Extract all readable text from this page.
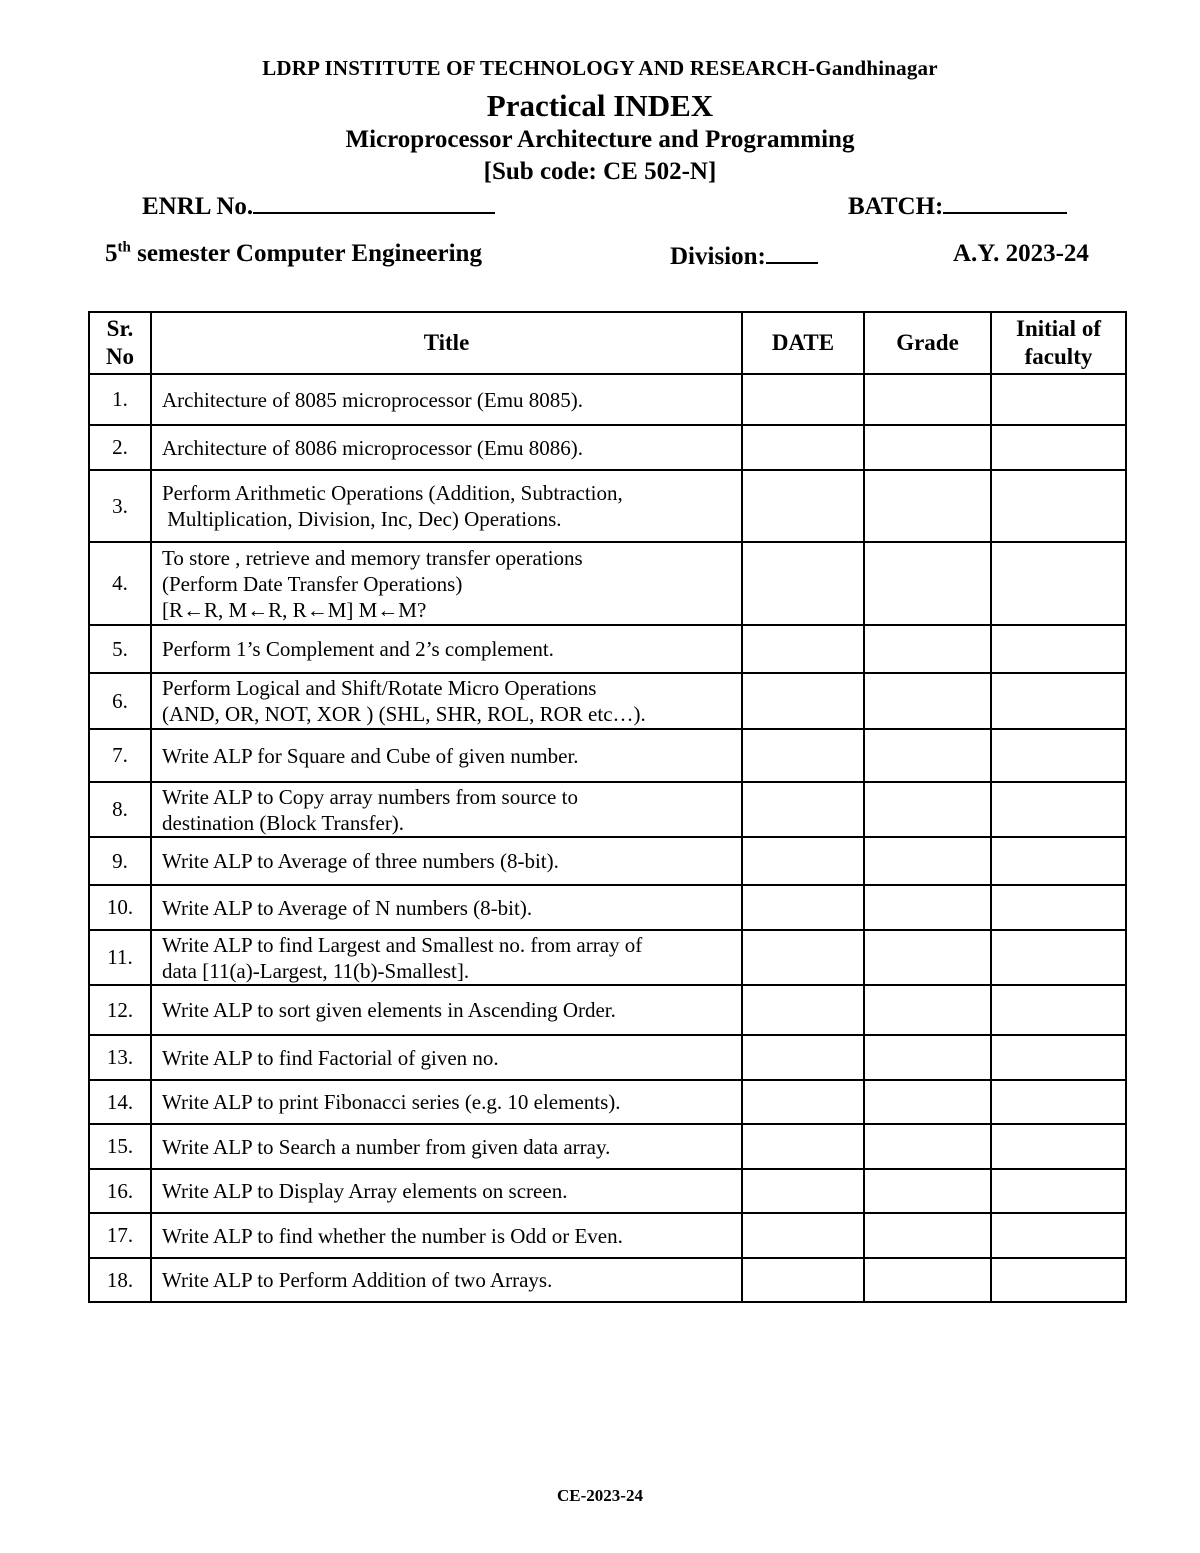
LDRP INSTITUTE OF TECHNOLOGY AND RESEARCH-Gandhinagar
Practical INDEX
Microprocessor Architecture and Programming
[Sub code: CE 502-N]
ENRL No.	BATCH:
5th semester Computer Engineering	Division:	A.Y. 2023-24
Sr.
No	Title	DATE	Grade	Initial of
faculty

1.	Architecture of 8085 microprocessor (Emu 8085).			

2.	Architecture of 8086 microprocessor (Emu 8086).			

3.	Perform Arithmetic Operations (Addition, Subtraction,
Multiplication, Division, Inc, Dec) Operations.			

4.	To store , retrieve and memory transfer operations
(Perform Date Transfer Operations)
[R←R, M←R, R←M] M←M?			

5.	Perform 1’s Complement and 2’s complement.			

6.	Perform Logical and Shift/Rotate Micro Operations
(AND, OR, NOT, XOR ) (SHL, SHR, ROL, ROR etc…).			

7.	Write ALP for Square and Cube of given number.			

8.	Write ALP to Copy array numbers from source to
destination (Block Transfer).			

9.	Write ALP to Average of three numbers (8-bit).			

10.	Write ALP to Average of N numbers (8-bit).			

11.	Write ALP to find Largest and Smallest no. from array of
data [11(a)-Largest, 11(b)-Smallest].			

12.	Write ALP to sort given elements in Ascending Order.			

13.	Write ALP to find Factorial of given no.			

14.	Write ALP to print Fibonacci series (e.g. 10 elements).			

15.	Write ALP to Search a number from given data array.			

16.	Write ALP to Display Array elements on screen.			

17.	Write ALP to find whether the number is Odd or Even.			

18.	Write ALP to Perform Addition of two Arrays.			

CE-2023-24
